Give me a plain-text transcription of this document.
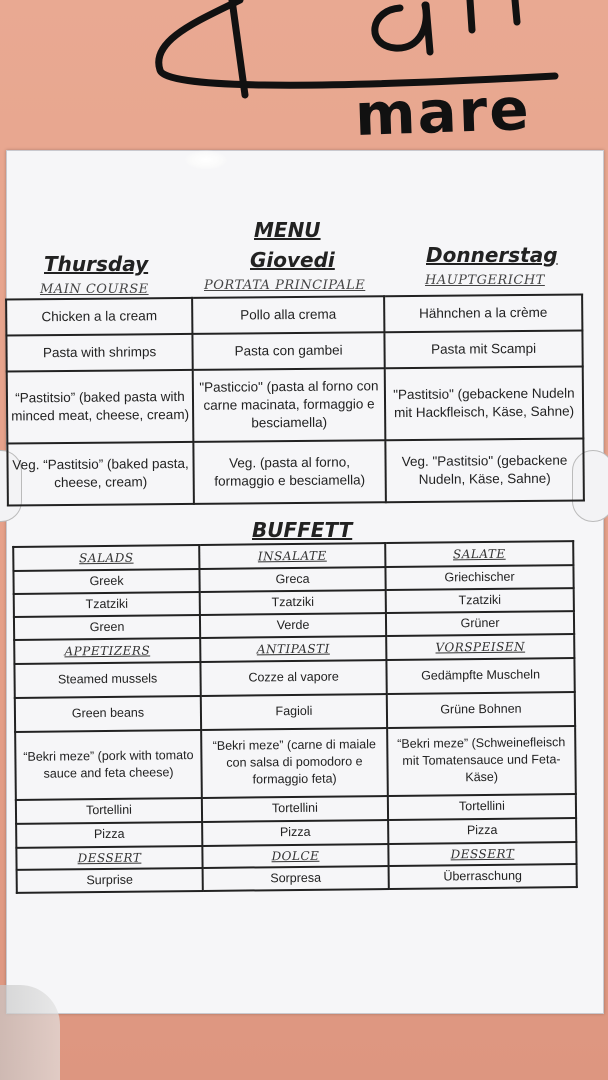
mare
MENU
Thursday	Giovedi	Donnerstag
MAIN COURSE	PORTATA PRINCIPALE	HAUPTGERICHT
Chicken a la cream	Pollo alla crema	Hähnchen a la crème
Pasta with shrimps	Pasta con gambei	Pasta mit Scampi
“Pastitsio” (baked pasta with minced meat, cheese, cream)	"Pasticcio" (pasta al forno con carne macinata, formaggio e besciamella)	"Pastitsio" (gebackene Nudeln mit Hackfleisch, Käse, Sahne)
Veg. “Pastitsio” (baked pasta, cheese, cream)	Veg. (pasta al forno, formaggio e besciamella)	Veg. "Pastitsio" (gebackene Nudeln, Käse, Sahne)
BUFFETT
SALADS	INSALATE	SALATE
Greek	Greca	Griechischer
Tzatziki	Tzatziki	Tzatziki
Green	Verde	Grüner
APPETIZERS	ANTIPASTI	VORSPEISEN
Steamed mussels	Cozze al vapore	Gedämpfte Muscheln
Green beans	Fagioli	Grüne Bohnen
“Bekri meze” (pork with tomato sauce and feta cheese)	“Bekri meze” (carne di maiale con salsa di pomodoro e formaggio feta)	“Bekri meze” (Schweinefleisch mit Tomatensauce und Feta-Käse)
Tortellini	Tortellini	Tortellini
Pizza	Pizza	Pizza
DESSERT	DOLCE	DESSERT
Surprise	Sorpresa	Überraschung
